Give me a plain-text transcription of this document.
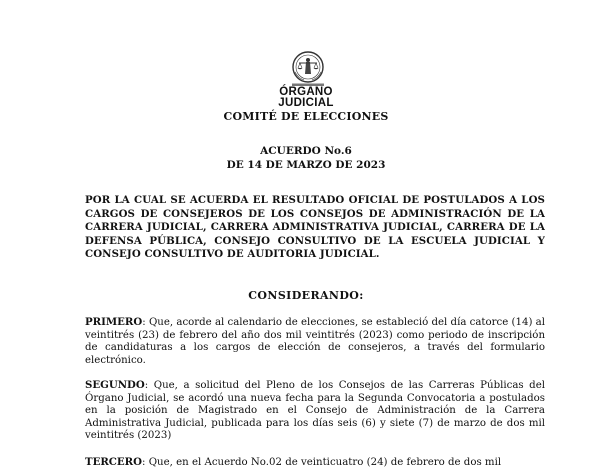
ÓRGANO
JUDICIAL
COMITÉ DE ELECCIONES
ACUERDO No.6
DE 14 DE MARZO DE 2023
POR LA CUAL SE ACUERDA EL RESULTADO OFICIAL DE POSTULADOS A LOS CARGOS DE CONSEJEROS DE LOS CONSEJOS DE ADMINISTRACIÓN DE LA CARRERA JUDICIAL, CARRERA ADMINISTRATIVA JUDICIAL, CARRERA DE LA DEFENSA PÚBLICA, CONSEJO CONSULTIVO DE LA ESCUELA JUDICIAL Y CONSEJO CONSULTIVO DE AUDITORIA JUDICIAL.
CONSIDERANDO:
PRIMERO: Que, acorde al calendario de elecciones, se estableció del día catorce (14) al veintitrés (23) de febrero del año dos mil veintitrés (2023) como periodo de inscripción de candidaturas a los cargos de elección de consejeros, a través del formulario electrónico.
SEGUNDO: Que, a solicitud del Pleno de los Consejos de las Carreras Públicas del Órgano Judicial, se acordó una nueva fecha para la Segunda Convocatoria a postulados en la posición de Magistrado en el Consejo de Administración de la Carrera Administrativa Judicial, publicada para los días seis (6) y siete (7) de marzo de dos mil veintitrés (2023)
TERCERO: Que, en el Acuerdo No.02 de veinticuatro (24) de febrero de dos mil
